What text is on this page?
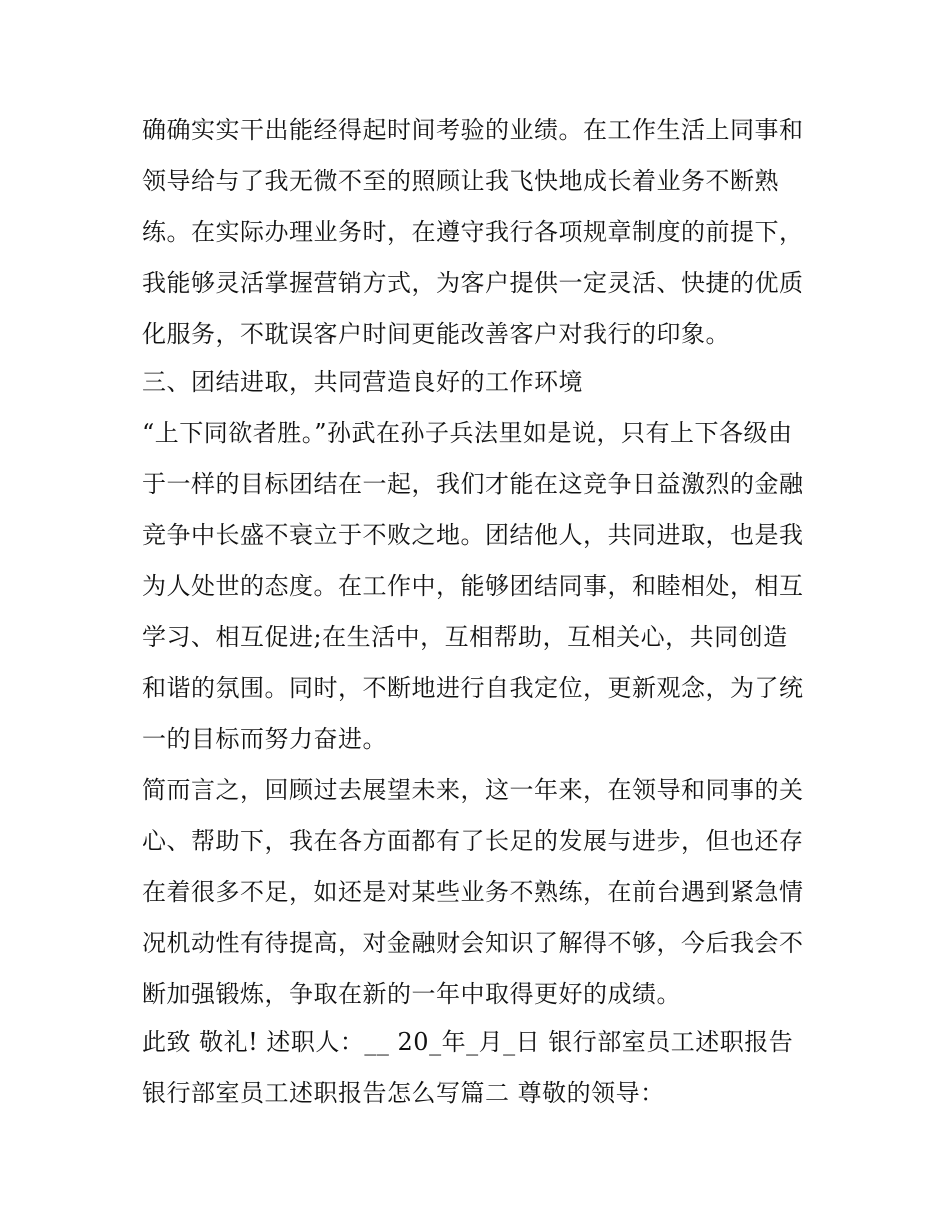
确确实实干出能经得起时间考验的业绩。在工作生活上同事和
领导给与了我无微不至的照顾让我飞快地成长着业务不断熟
练。在实际办理业务时，在遵守我行各项规章制度的前提下，
我能够灵活掌握营销方式，为客户提供一定灵活、快捷的优质
化服务，不耽误客户时间更能改善客户对我行的印象。
三、团结进取，共同营造良好的工作环境
“上下同欲者胜。”孙武在孙子兵法里如是说，只有上下各级由
于一样的目标团结在一起，我们才能在这竞争日益激烈的金融
竞争中长盛不衰立于不败之地。团结他人，共同进取，也是我
为人处世的态度。在工作中，能够团结同事，和睦相处，相互
学习、相互促进;在生活中，互相帮助，互相关心，共同创造
和谐的氛围。同时，不断地进行自我定位，更新观念，为了统
一的目标而努力奋进。
简而言之，回顾过去展望未来，这一年来，在领导和同事的关
心、帮助下，我在各方面都有了长足的发展与进步，但也还存
在着很多不足，如还是对某些业务不熟练，在前台遇到紧急情
况机动性有待提高，对金融财会知识了解得不够，今后我会不
断加强锻炼，争取在新的一年中取得更好的成绩。
此致 敬礼! 述职人：__ 20_年_月_日 银行部室员工述职报告
银行部室员工述职报告怎么写篇二 尊敬的领导：
